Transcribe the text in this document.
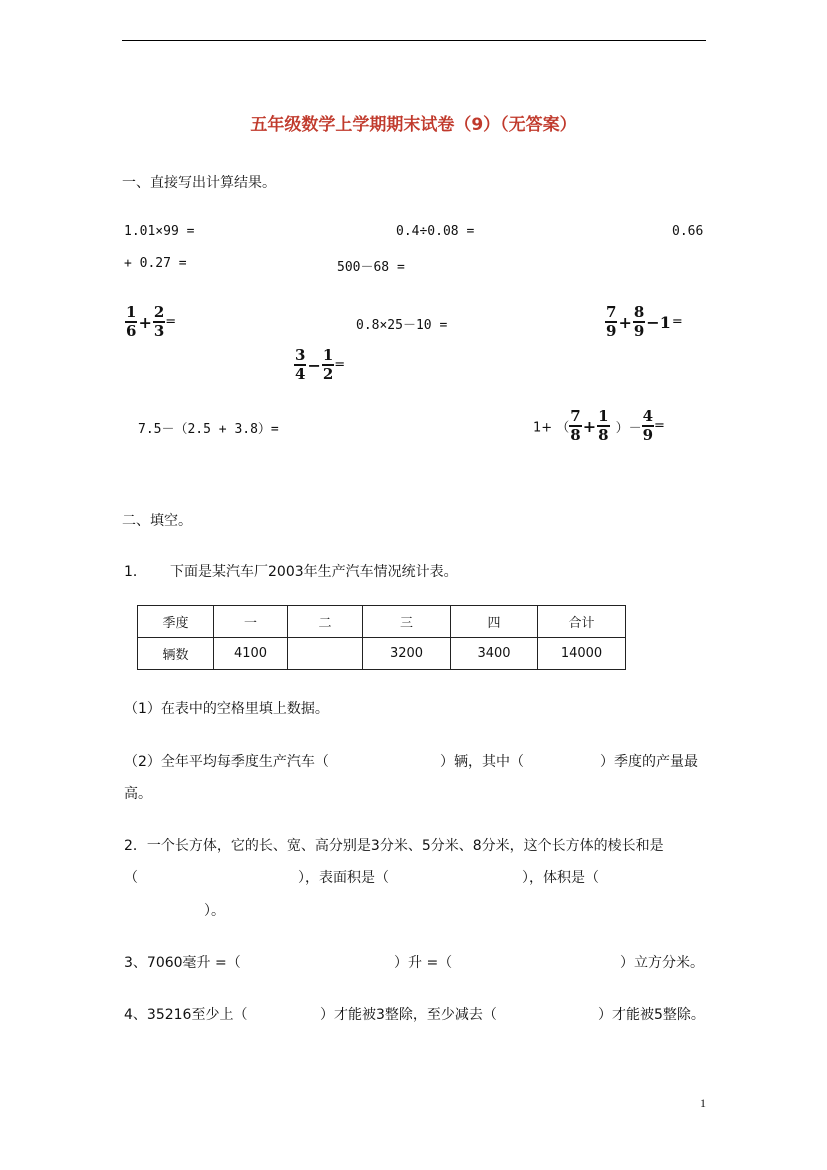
五年级数学上学期期末试卷（9）（无答案）
一、直接写出计算结果。
1.01×99 =	0.4÷0.08 =	0.66
+ 0.27 =	500－68 =
$\frac{1}{6} + \frac{2}{3}$ =	0.8×25－10 =	$\frac{7}{9} + \frac{8}{9} -1=$
$\frac{3}{4} - \frac{1}{2}$ =
7.5－（2.5 + 3.8）=	1+ （ $\frac{7}{8} + \frac{1}{8}$ ）－ $\frac{4}{9}$ =
二、填空。
1． 下面是某汽车厂2003年生产汽车情况统计表。
季度	一	二	三	四	合计
辆数	4100		3200	3400	14000
（1）在表中的空格里填上数据。
（2）全年平均每季度生产汽车（	）辆，其中（	）季度的产量最
高。
2．一个长方体，它的长、宽、高分别是3分米、5分米、8分米，这个长方体的棱长和是
（	），表面积是（	），体积是（
）。
3、7060毫升 =（	）升 =（	）立方分米。
4、35216至少上（	）才能被3整除，至少减去（	）才能被5整除。
1
